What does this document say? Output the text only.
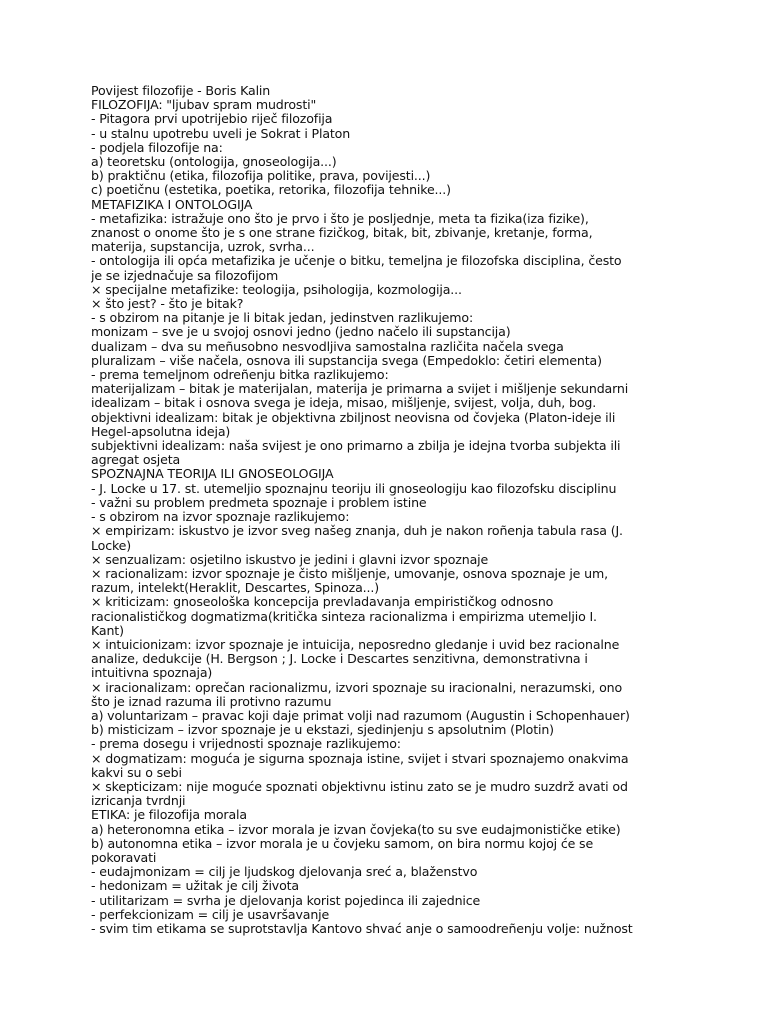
Povijest filozofije - Boris Kalin
FILOZOFIJA: "ljubav spram mudrosti"
- Pitagora prvi upotrijebio riječ filozofija
- u stalnu upotrebu uveli je Sokrat i Platon
- podjela filozofije na:
a) teoretsku (ontologija, gnoseologija...)
b) praktičnu (etika, filozofija politike, prava, povijesti...)
c) poetičnu (estetika, poetika, retorika, filozofija tehnike...)
METAFIZIKA I ONTOLOGIJA
- metafizika: istražuje ono što je prvo i što je posljednje, meta ta fizika(iza fizike),
znanost o onome što je s one strane fizičkog, bitak, bit, zbivanje, kretanje, forma,
materija, supstancija, uzrok, svrha...
- ontologija ili opća metafizika je učenje o bitku, temeljna je filozofska disciplina, često
je se izjednačuje sa filozofijom
× specijalne metafizike: teologija, psihologija, kozmologija...
× što jest? - što je bitak?
- s obzirom na pitanje je li bitak jedan, jedinstven razlikujemo:
monizam – sve je u svojoj osnovi jedno (jedno načelo ili supstancija)
dualizam – dva su meñusobno nesvodljiva samostalna različita načela svega
pluralizam – više načela, osnova ili supstancija svega (Empedoklo: četiri elementa)
- prema temeljnom odreñenju bitka razlikujemo:
materijalizam – bitak je materijalan, materija je primarna a svijet i mišljenje sekundarni
idealizam – bitak i osnova svega je ideja, misao, mišljenje, svijest, volja, duh, bog.
objektivni idealizam: bitak je objektivna zbiljnost neovisna od čovjeka (Platon-ideje ili
Hegel-apsolutna ideja)
subjektivni idealizam: naša svijest je ono primarno a zbilja je idejna tvorba subjekta ili
agregat osjeta
SPOZNAJNA TEORIJA ILI GNOSEOLOGIJA
- J. Locke u 17. st. utemeljio spoznajnu teoriju ili gnoseologiju kao filozofsku disciplinu
- važni su problem predmeta spoznaje i problem istine
- s obzirom na izvor spoznaje razlikujemo:
× empirizam: iskustvo je izvor sveg našeg znanja, duh je nakon roñenja tabula rasa (J.
Locke)
× senzualizam: osjetilno iskustvo je jedini i glavni izvor spoznaje
× racionalizam: izvor spoznaje je čisto mišljenje, umovanje, osnova spoznaje je um,
razum, intelekt(Heraklit, Descartes, Spinoza...)
× kriticizam: gnoseološka koncepcija prevladavanja empirističkog odnosno
racionalističkog dogmatizma(kritička sinteza racionalizma i empirizma utemeljio I.
Kant)
× intuicionizam: izvor spoznaje je intuicija, neposredno gledanje i uvid bez racionalne
analize, dedukcije (H. Bergson ; J. Locke i Descartes senzitivna, demonstrativna i
intuitivna spoznaja)
× iracionalizam: oprečan racionalizmu, izvori spoznaje su iracionalni, nerazumski, ono
što je iznad razuma ili protivno razumu
a) voluntarizam – pravac koji daje primat volji nad razumom (Augustin i Schopenhauer)
b) misticizam – izvor spoznaje je u ekstazi, sjedinjenju s apsolutnim (Plotin)
- prema dosegu i vrijednosti spoznaje razlikujemo:
× dogmatizam: moguća je sigurna spoznaja istine, svijet i stvari spoznajemo onakvima
kakvi su o sebi
× skepticizam: nije moguće spoznati objektivnu istinu zato se je mudro suzdrž avati od
izricanja tvrdnji
ETIKA: je filozofija morala
a) heteronomna etika – izvor morala je izvan čovjeka(to su sve eudajmonističke etike)
b) autonomna etika – izvor morala je u čovjeku samom, on bira normu kojoj će se
pokoravati
- eudajmonizam = cilj je ljudskog djelovanja sreć a, blaženstvo
- hedonizam = užitak je cilj života
- utilitarizam = svrha je djelovanja korist pojedinca ili zajednice
- perfekcionizam = cilj je usavršavanje
- svim tim etikama se suprotstavlja Kantovo shvać anje o samoodreñenju volje: nužnost
